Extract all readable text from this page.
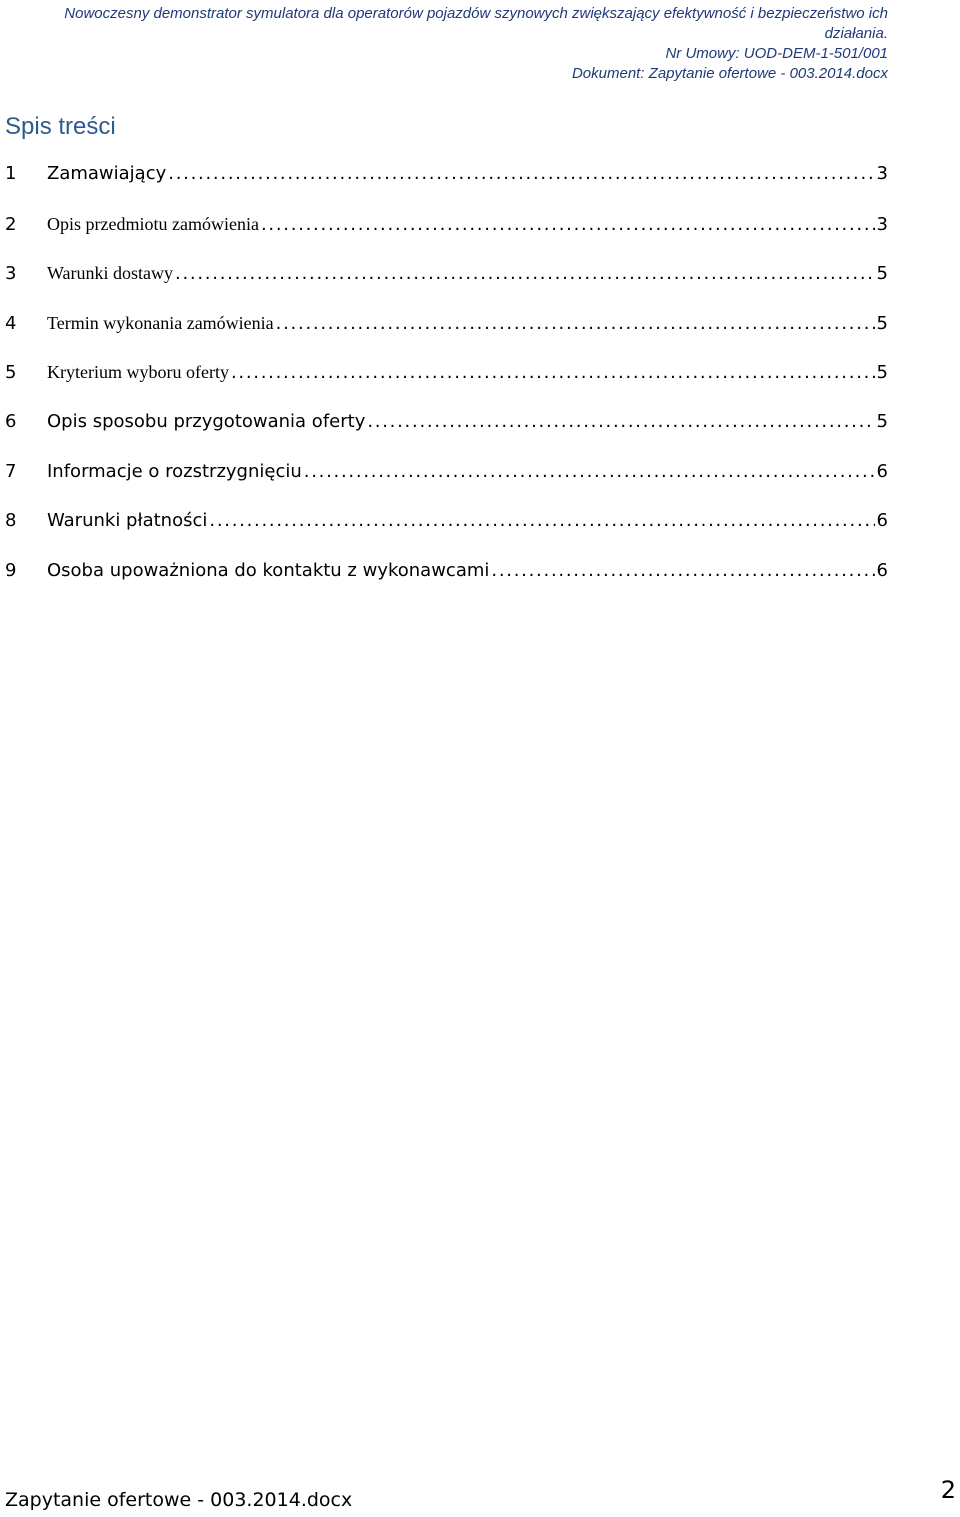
Nowoczesny demonstrator symulatora dla operatorów pojazdów szynowych zwiększający efektywność i bezpieczeństwo ich
działania.
Nr Umowy: UOD-DEM-1-501/001
Dokument: Zapytanie ofertowe - 003.2014.docx
Spis treści
1	Zamawiający . . .	3
2	Opis przedmiotu zamówienia . . .	3
3	Warunki dostawy . . .	5
4	Termin wykonania zamówienia . . .	5
5	Kryterium wyboru oferty . . .	5
6	Opis sposobu przygotowania oferty . . .	5
7	Informacje o rozstrzygnięciu . . .	6
8	Warunki płatności . . .	6
9	Osoba upoważniona do kontaktu z wykonawcami . . .	6
Zapytanie ofertowe - 003.2014.docx	2
